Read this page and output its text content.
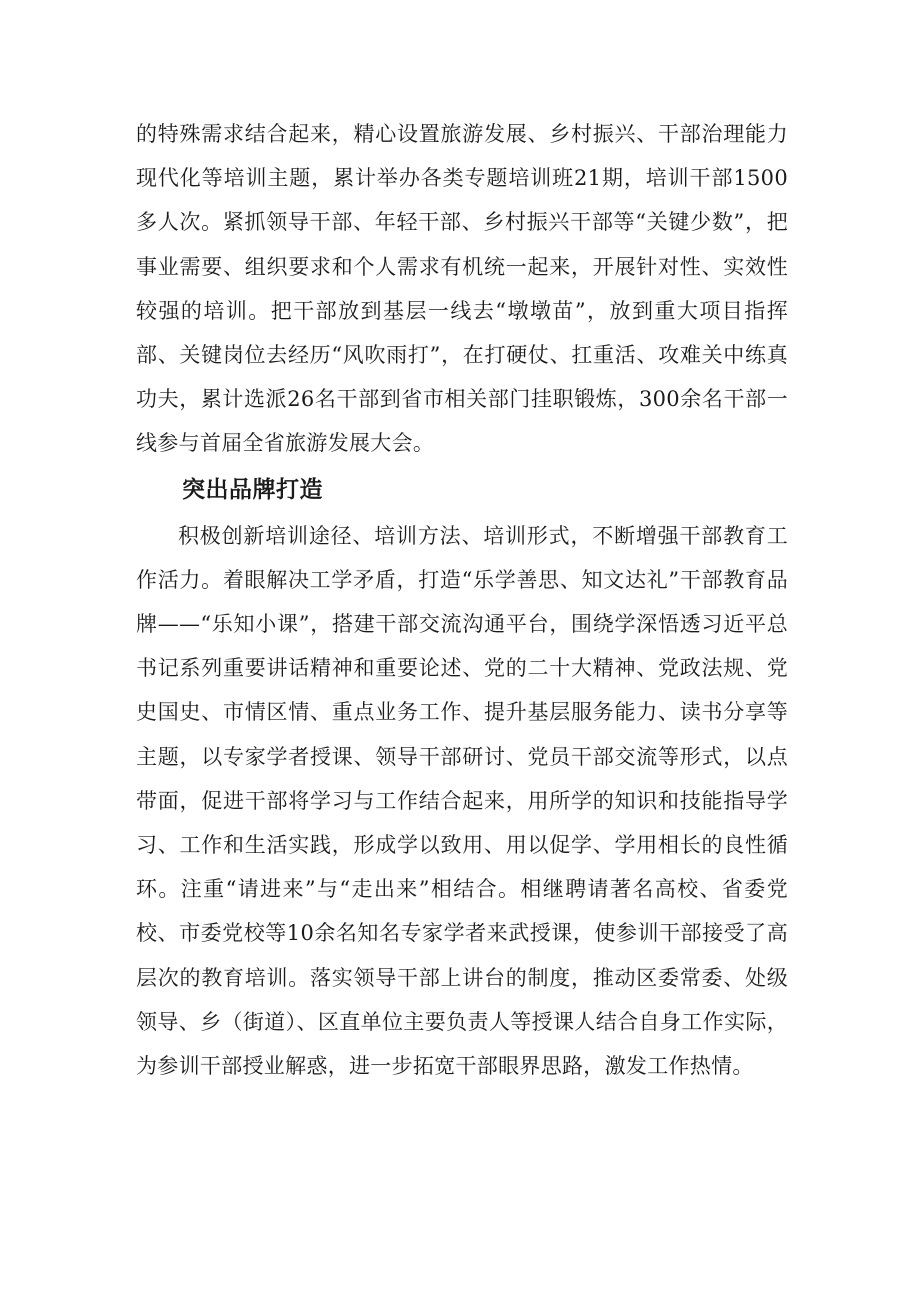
的特殊需求结合起来，精心设置旅游发展、乡村振兴、干部治理能力现代化等培训主题，累计举办各类专题培训班21期，培训干部1500多人次。紧抓领导干部、年轻干部、乡村振兴干部等“关键少数”，把事业需要、组织要求和个人需求有机统一起来，开展针对性、实效性较强的培训。把干部放到基层一线去“墩墩苗”，放到重大项目指挥部、关键岗位去经历“风吹雨打”，在打硬仗、扛重活、攻难关中练真功夫，累计选派26名干部到省市相关部门挂职锻炼，300余名干部一线参与首届全省旅游发展大会。

突出品牌打造

积极创新培训途径、培训方法、培训形式，不断增强干部教育工作活力。着眼解决工学矛盾，打造“乐学善思、知文达礼”干部教育品牌——“乐知小课”，搭建干部交流沟通平台，围绕学深悟透习近平总书记系列重要讲话精神和重要论述、党的二十大精神、党政法规、党史国史、市情区情、重点业务工作、提升基层服务能力、读书分享等主题，以专家学者授课、领导干部研讨、党员干部交流等形式，以点带面，促进干部将学习与工作结合起来，用所学的知识和技能指导学习、工作和生活实践，形成学以致用、用以促学、学用相长的良性循环。注重“请进来”与“走出来”相结合。相继聘请著名高校、省委党校、市委党校等10余名知名专家学者来武授课，使参训干部接受了高层次的教育培训。落实领导干部上讲台的制度，推动区委常委、处级领导、乡（街道）、区直单位主要负责人等授课人结合自身工作实际，为参训干部授业解惑，进一步拓宽干部眼界思路，激发工作热情。
